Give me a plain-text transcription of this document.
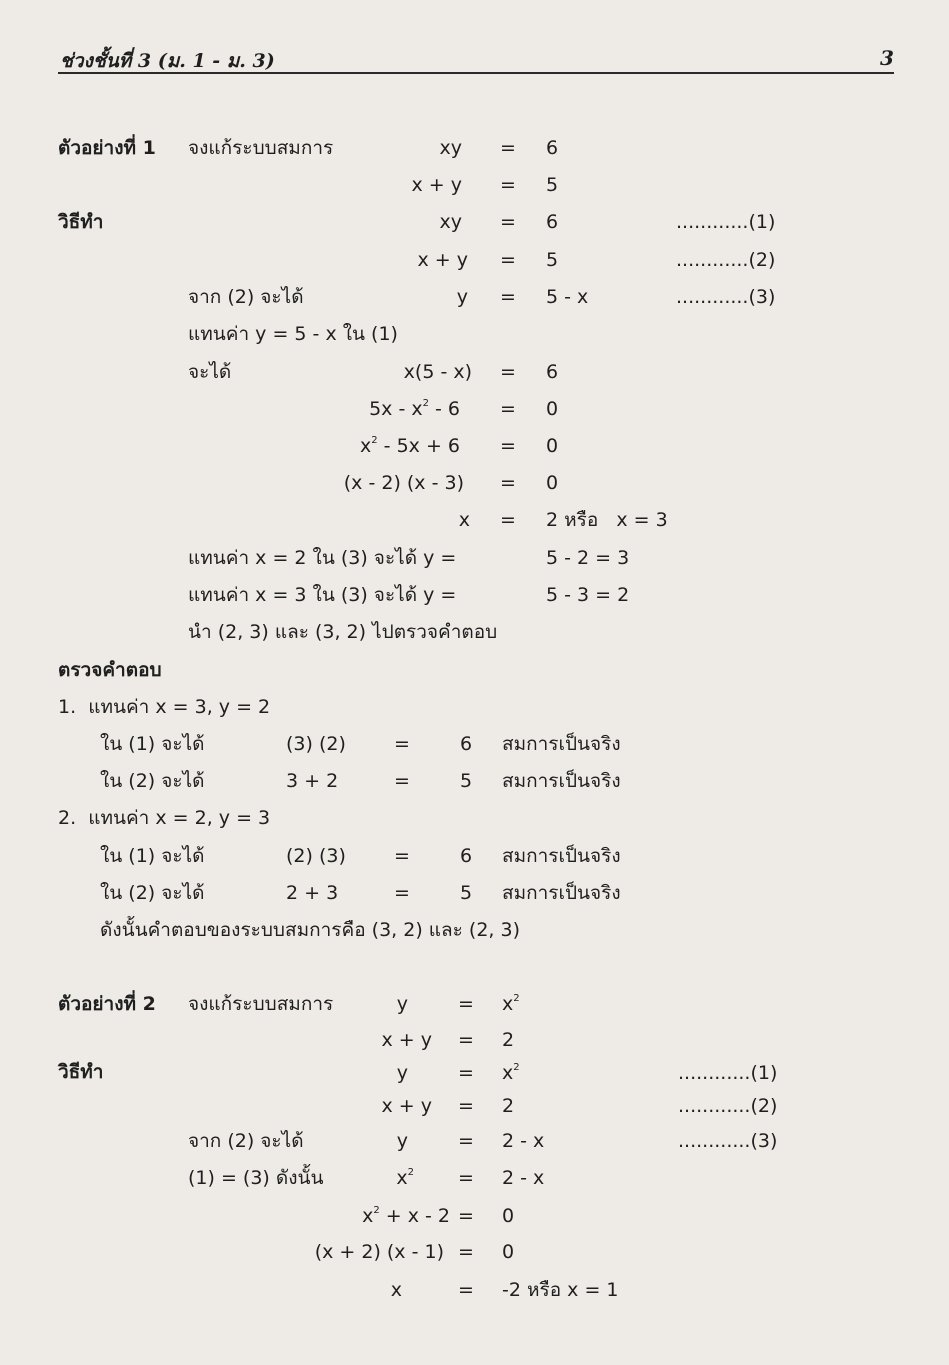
ช่วงชั้นที่ 3 (ม. 1 - ม. 3)	3
ตัวอย่างที่ 1 จงแก้ระบบสมการ	xy = 6
x + y = 5
วิธีทำ	xy = 6	............(1)
x + y = 5	............(2)
จาก (2) จะได้	y = 5 - x	............(3)
แทนค่า y = 5 - x ใน (1)
จะได้	x(5 - x) = 6
$5x - x^2 - 6 = 0$
$x^2 - 5x + 6 = 0$
(x - 2) (x - 3) = 0
x = 2 หรือ   x = 3
แทนค่า x = 2 ใน (3) จะได้ y =	5 - 2 = 3
แทนค่า x = 3 ใน (3) จะได้ y =	5 - 3 = 2
นำ (2, 3) และ (3, 2) ไปตรวจคำตอบ
ตรวจคำตอบ
1.  แทนค่า x = 3, y = 2
ใน (1) จะได้	(3) (2)	=	6 สมการเป็นจริง
ใน (2) จะได้	3 + 2	=	5 สมการเป็นจริง
2.  แทนค่า x = 2, y = 3
ใน (1) จะได้	(2) (3)	=	6 สมการเป็นจริง
ใน (2) จะได้	2 + 3	=	5 สมการเป็นจริง
ดังนั้นคำตอบของระบบสมการคือ (3, 2) และ (2, 3)
ตัวอย่างที่ 2 จงแก้ระบบสมการ	y	= $x^2$
x + y = 2
วิธีทำ	y	= $x^2$	............(1)
x + y = 2	............(2)
จาก (2) จะได้	y	= 2 - x	............(3)
(1) = (3) ดังนั้น	$x^2 = 2 - x$
$x^2 + x - 2 = 0$
(x + 2) (x - 1) = 0
x	= -2 หรือ x = 1
